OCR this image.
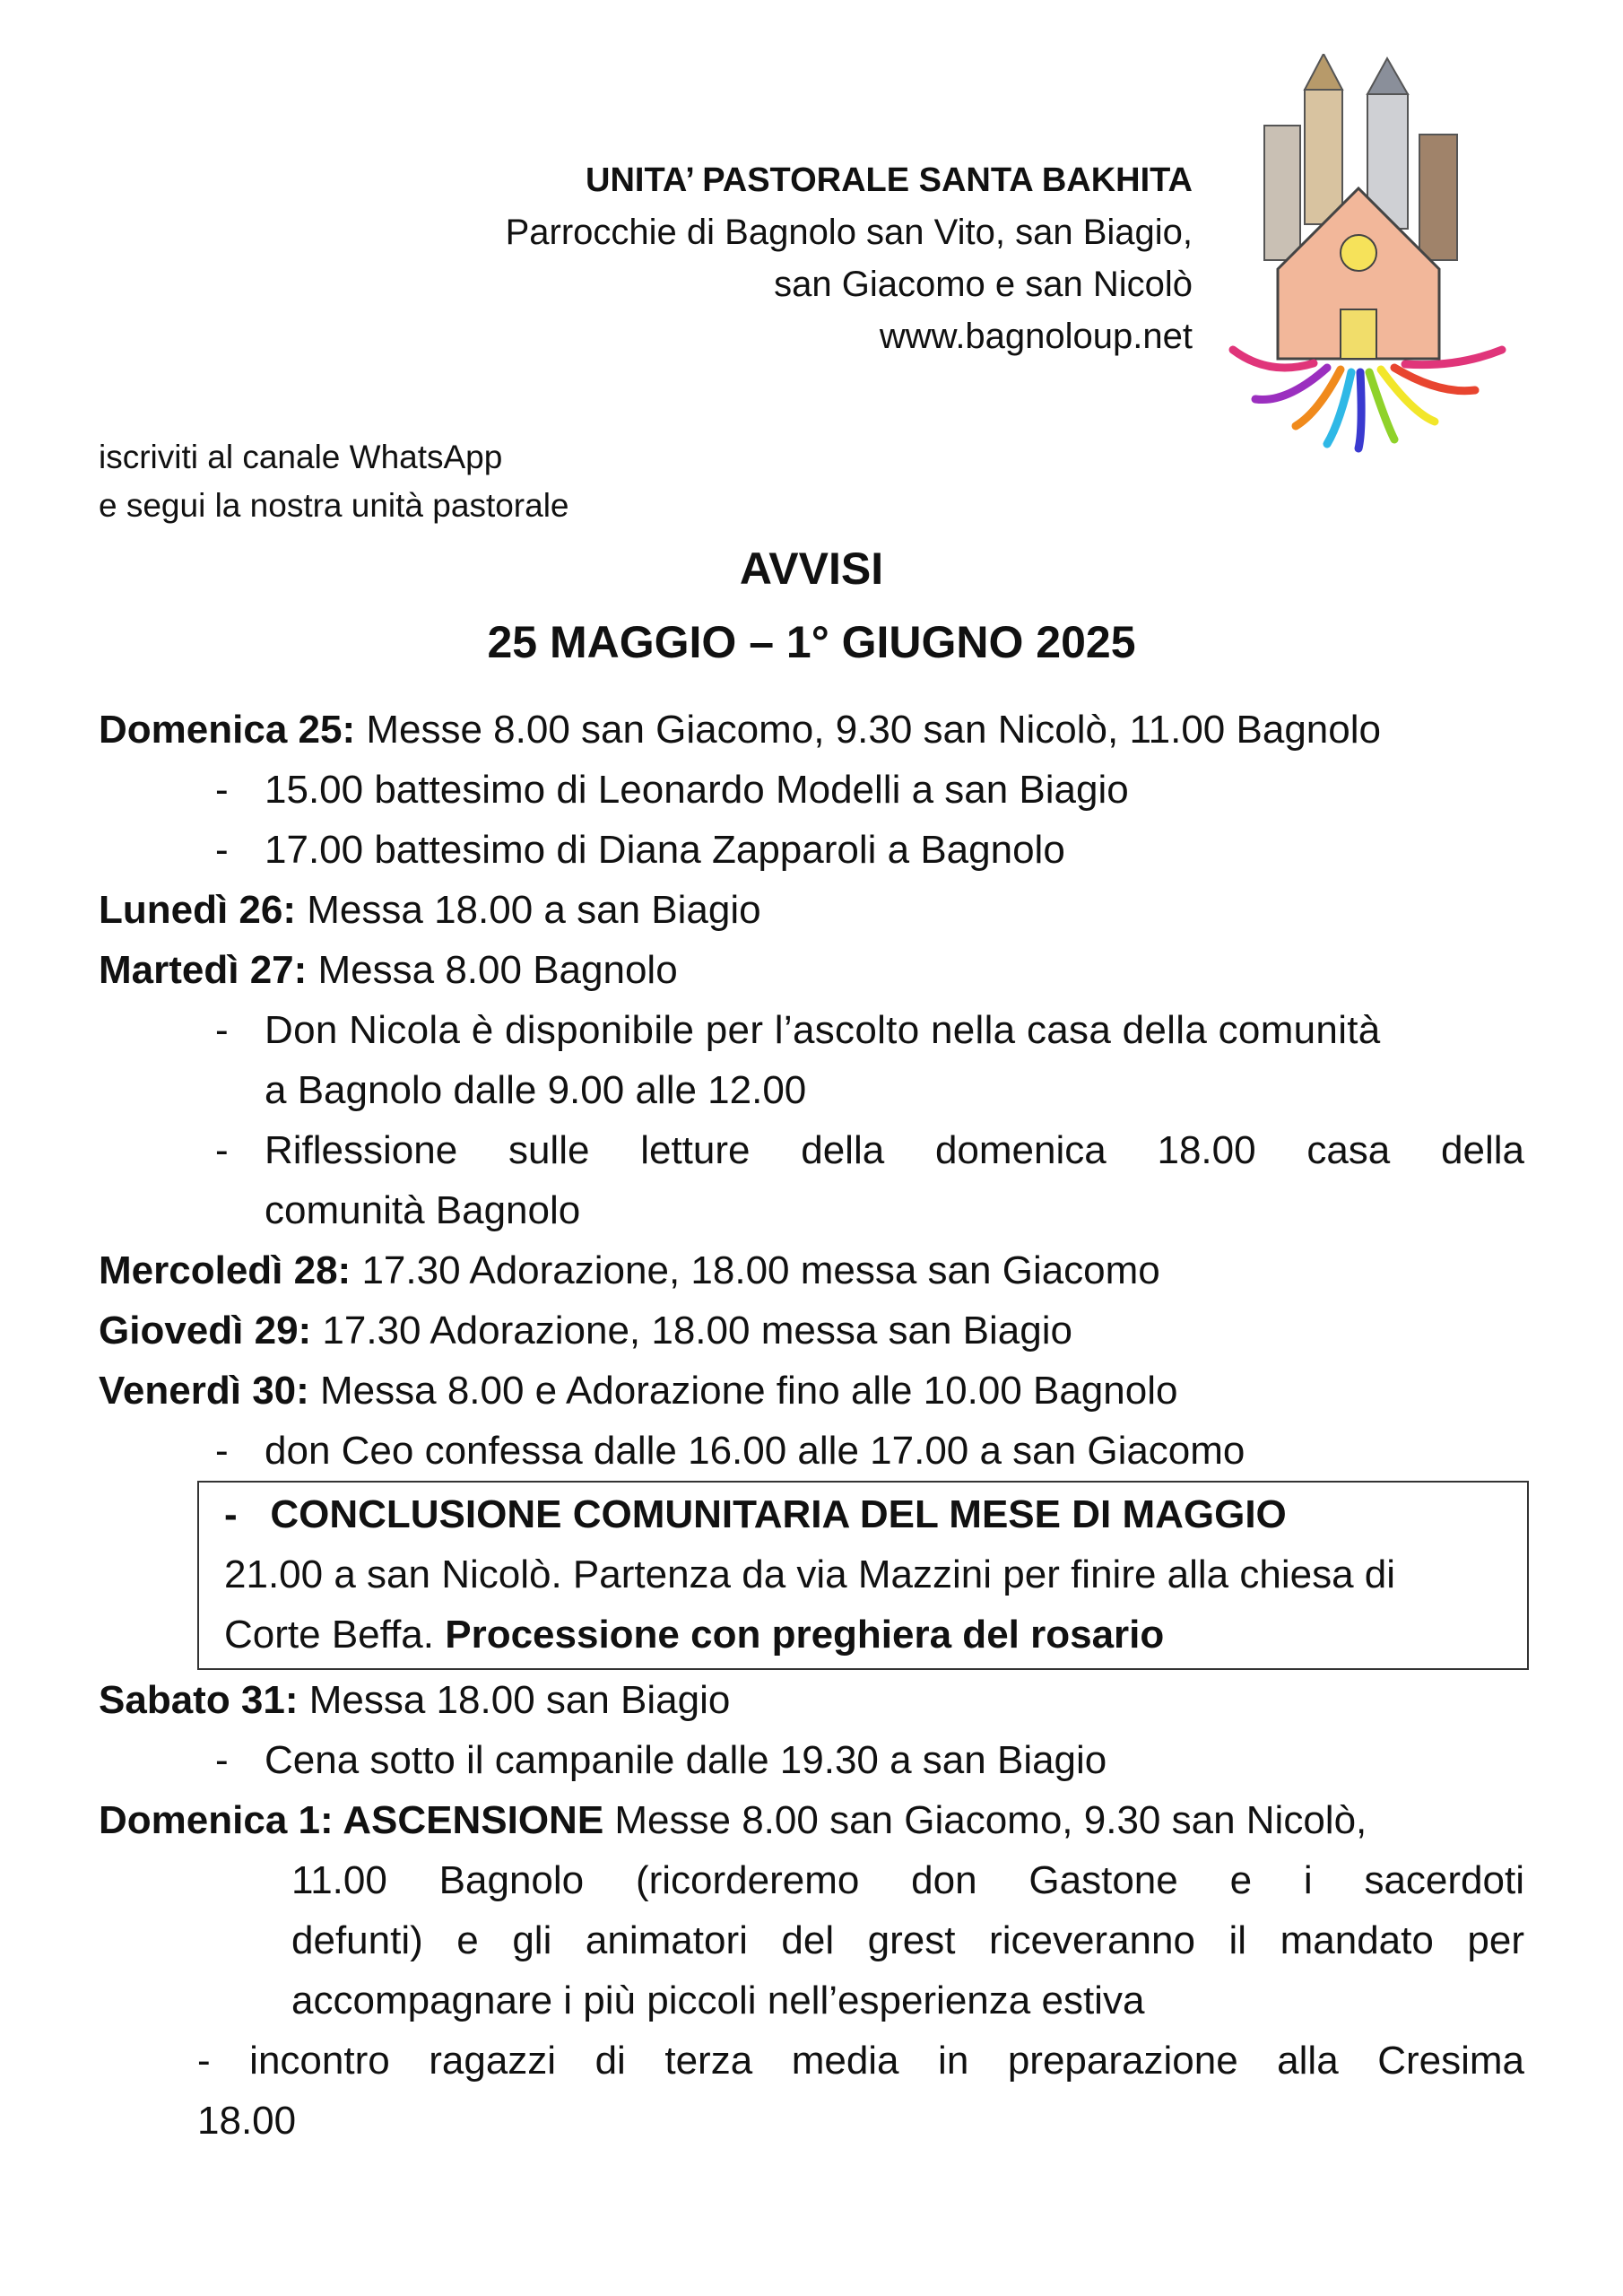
UNITA’ PASTORALE SANTA BAKHITA
Parrocchie di Bagnolo san Vito, san Biagio,
san Giacomo e san Nicolò
www.bagnoloup.net
iscriviti al canale WhatsApp
e segui la nostra unità pastorale
AVVISI
25 MAGGIO – 1° GIUGNO 2025
Domenica 25: Messe 8.00 san Giacomo, 9.30 san Nicolò, 11.00 Bagnolo
- 15.00 battesimo di Leonardo Modelli a san Biagio
- 17.00 battesimo di Diana Zapparoli a Bagnolo
Lunedì 26: Messa 18.00 a san Biagio
Martedì 27: Messa 8.00 Bagnolo
- Don Nicola è disponibile per l’ascolto nella casa della comunità
a Bagnolo dalle 9.00 alle 12.00
- Riflessione sulle letture della domenica 18.00 casa della
comunità Bagnolo
Mercoledì 28: 17.30 Adorazione, 18.00 messa san Giacomo
Giovedì 29: 17.30 Adorazione, 18.00 messa san Biagio
Venerdì 30: Messa 8.00 e Adorazione fino alle 10.00 Bagnolo
- don Ceo confessa dalle 16.00 alle 17.00 a san Giacomo
- CONCLUSIONE COMUNITARIA DEL MESE DI MAGGIO
21.00 a san Nicolò. Partenza da via Mazzini per finire alla chiesa di
Corte Beffa. Processione con preghiera del rosario
Sabato 31: Messa 18.00 san Biagio
- Cena sotto il campanile dalle 19.30 a san Biagio
Domenica 1: ASCENSIONE Messe 8.00 san Giacomo, 9.30 san Nicolò,
11.00 Bagnolo (ricorderemo don Gastone e i sacerdoti
defunti) e gli animatori del grest riceveranno il mandato per
accompagnare i più piccoli nell’esperienza estiva
- incontro ragazzi di terza media in preparazione alla Cresima
18.00
